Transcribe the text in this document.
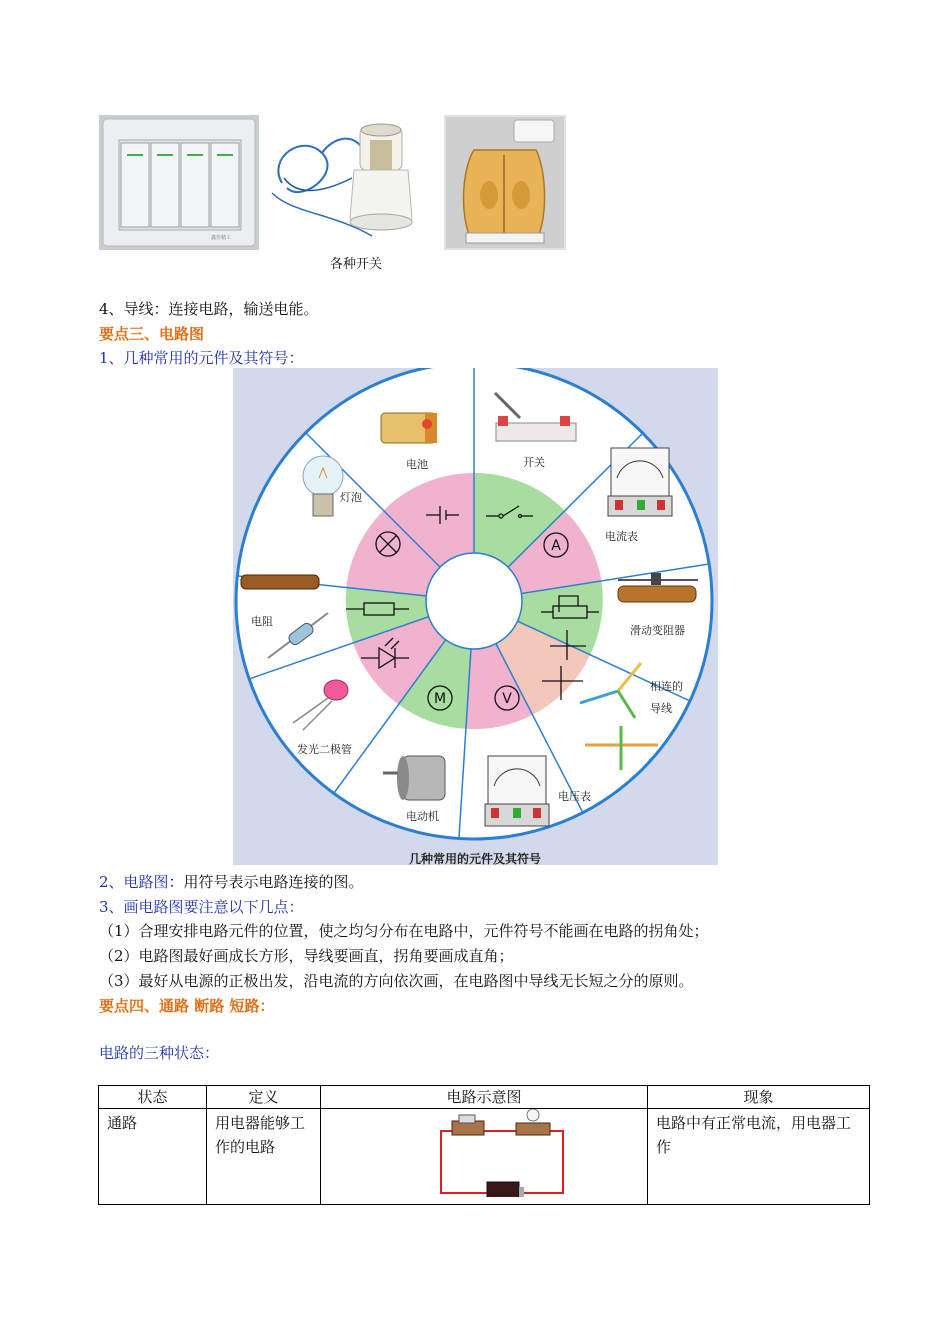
鑫佳精工
各种开关
4、导线：连接电路，输送电能。
要点三、电路图
1、几种常用的元件及其符号：
A
V
M
电池	开关
电流表
滑动变阻器
相连的
导线
电压表
电动机
发光二极管
电阻
灯泡
几种常用的元件及其符号
2、电路图：用符号表示电路连接的图。
3、画电路图要注意以下几点：
（1）合理安排电路元件的位置，使之均匀分布在电路中，元件符号不能画在电路的拐角处；
（2）电路图最好画成长方形，导线要画直，拐角要画成直角；
（3）最好从电源的正极出发，沿电流的方向依次画，在电路图中导线无长短之分的原则。
要点四、通路 断路 短路：
电路的三种状态：
状态	定义	电路示意图	现象
通路	用电器能够工作的电路		电路中有正常电流，用电器工作
